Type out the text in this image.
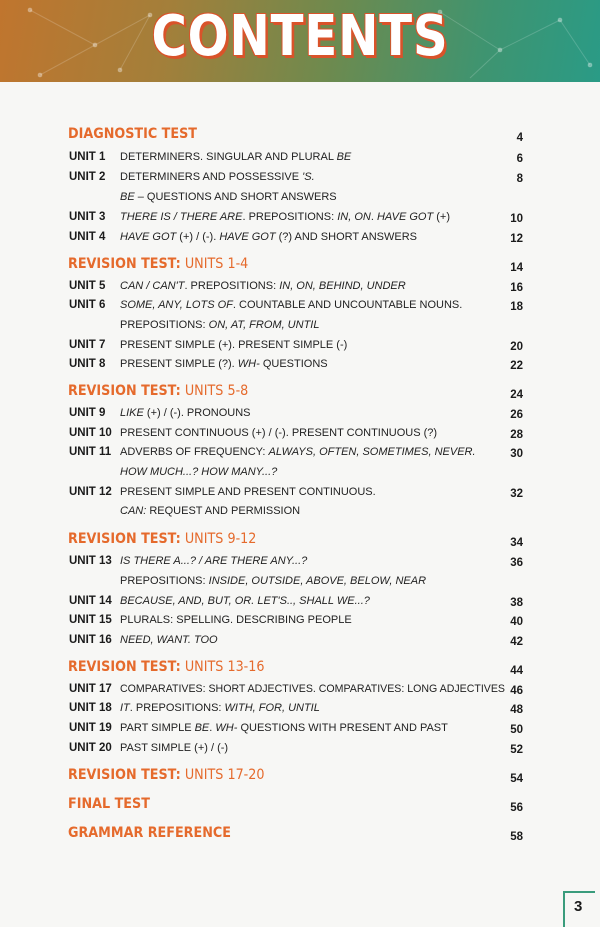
CONTENTS
DIAGNOSTIC TEST	4
UNIT 1 DETERMINERS. SINGULAR AND PLURAL BE	6
UNIT 2 DETERMINERS AND POSSESSIVE 'S.	8
BE – QUESTIONS AND SHORT ANSWERS
UNIT 3 THERE IS / THERE ARE. PREPOSITIONS: IN, ON. HAVE GOT (+)	10
UNIT 4 HAVE GOT (+) / (-). HAVE GOT (?) AND SHORT ANSWERS	12
REVISION TEST: UNITS 1-4	14
UNIT 5 CAN / CAN'T. PREPOSITIONS: IN, ON, BEHIND, UNDER	16
UNIT 6 SOME, ANY, LOTS OF. COUNTABLE AND UNCOUNTABLE NOUNS.	18
PREPOSITIONS: ON, AT, FROM, UNTIL
UNIT 7 PRESENT SIMPLE (+). PRESENT SIMPLE (-)	20
UNIT 8 PRESENT SIMPLE (?). WH- QUESTIONS	22
REVISION TEST: UNITS 5-8	24
UNIT 9 LIKE (+) / (-). PRONOUNS	26
UNIT 10 PRESENT CONTINUOUS (+) / (-). PRESENT CONTINUOUS (?)	28
UNIT 11 ADVERBS OF FREQUENCY: ALWAYS, OFTEN, SOMETIMES, NEVER.	30
HOW MUCH...? HOW MANY...?
UNIT 12 PRESENT SIMPLE AND PRESENT CONTINUOUS.	32
CAN: REQUEST AND PERMISSION
REVISION TEST: UNITS 9-12	34
UNIT 13 IS THERE A...? / ARE THERE ANY...?	36
PREPOSITIONS: INSIDE, OUTSIDE, ABOVE, BELOW, NEAR
UNIT 14 BECAUSE, AND, BUT, OR. LET'S.., SHALL WE...?	38
UNIT 15 PLURALS: SPELLING. DESCRIBING PEOPLE	40
UNIT 16 NEED, WANT. TOO	42
REVISION TEST: UNITS 13-16	44
UNIT 17 COMPARATIVES: SHORT ADJECTIVES. COMPARATIVES: LONG ADJECTIVES 46
UNIT 18 IT. PREPOSITIONS: WITH, FOR, UNTIL	48
UNIT 19 PART SIMPLE BE. WH- QUESTIONS WITH PRESENT AND PAST	50
UNIT 20 PAST SIMPLE (+) / (-)	52
REVISION TEST: UNITS 17-20	54
FINAL TEST	56
GRAMMAR REFERENCE	58
3
